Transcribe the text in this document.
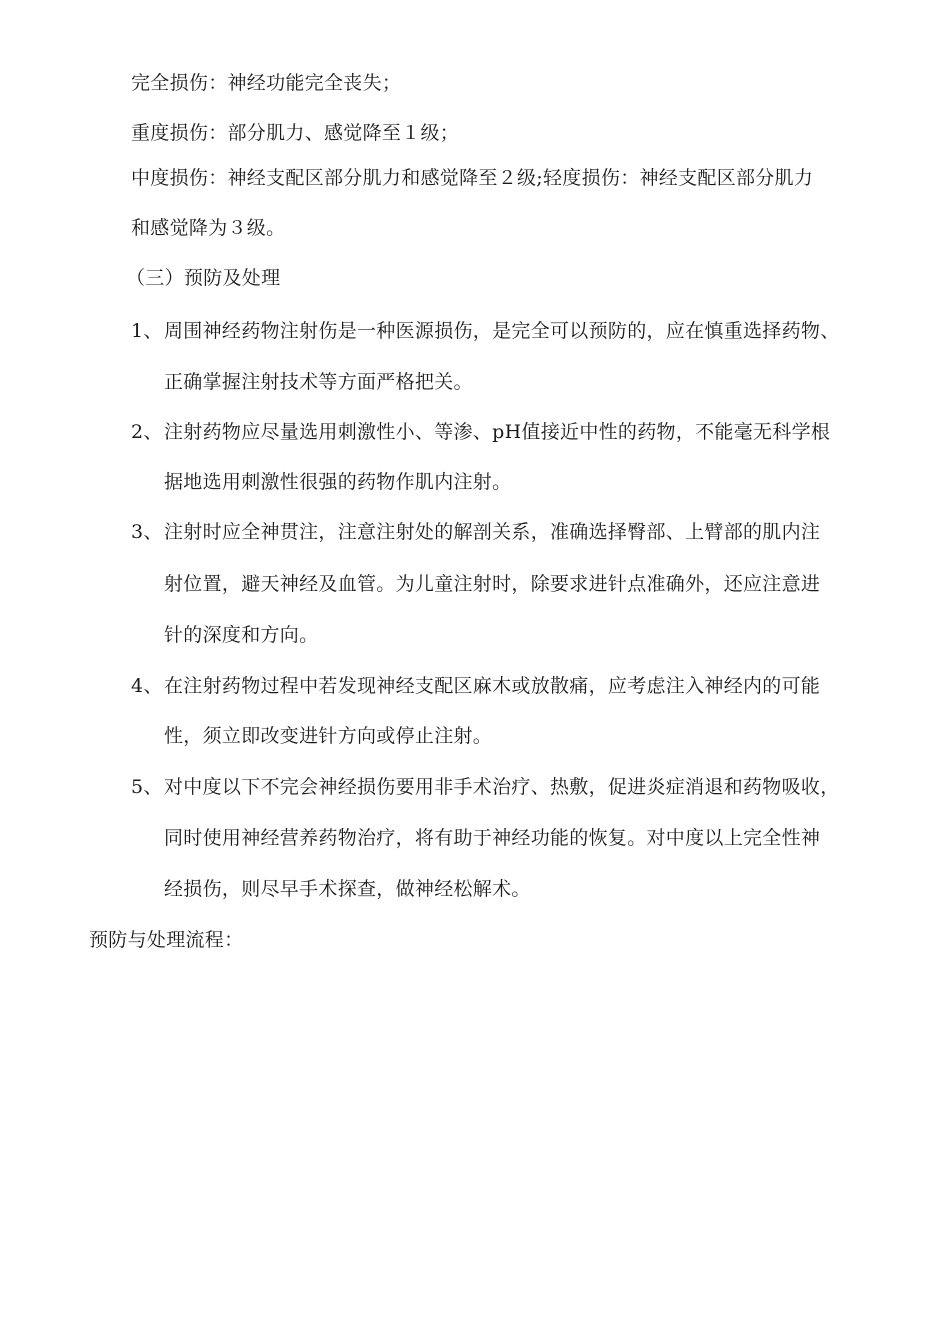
完全损伤：神经功能完全丧失；
重度损伤：部分肌力、感觉降至１级；
中度损伤：神经支配区部分肌力和感觉降至２级;轻度损伤：神经支配区部分肌力
和感觉降为３级。
（三）预防及处理
1、周围神经药物注射伤是一种医源损伤，是完全可以预防的，应在慎重选择药物、
正确掌握注射技术等方面严格把关。
2、注射药物应尽量选用刺激性小、等渗、pH值接近中性的药物，不能毫无科学根
据地选用刺激性很强的药物作肌内注射。
3、注射时应全神贯注，注意注射处的解剖关系，准确选择臀部、上臂部的肌内注
射位置，避天神经及血管。为儿童注射时，除要求进针点准确外，还应注意进
针的深度和方向。
4、在注射药物过程中若发现神经支配区麻木或放散痛，应考虑注入神经内的可能
性，须立即改变进针方向或停止注射。
5、对中度以下不完会神经损伤要用非手术治疗、热敷，促进炎症消退和药物吸收，
同时使用神经营养药物治疗，将有助于神经功能的恢复。对中度以上完全性神
经损伤，则尽早手术探查，做神经松解术。
预防与处理流程：
